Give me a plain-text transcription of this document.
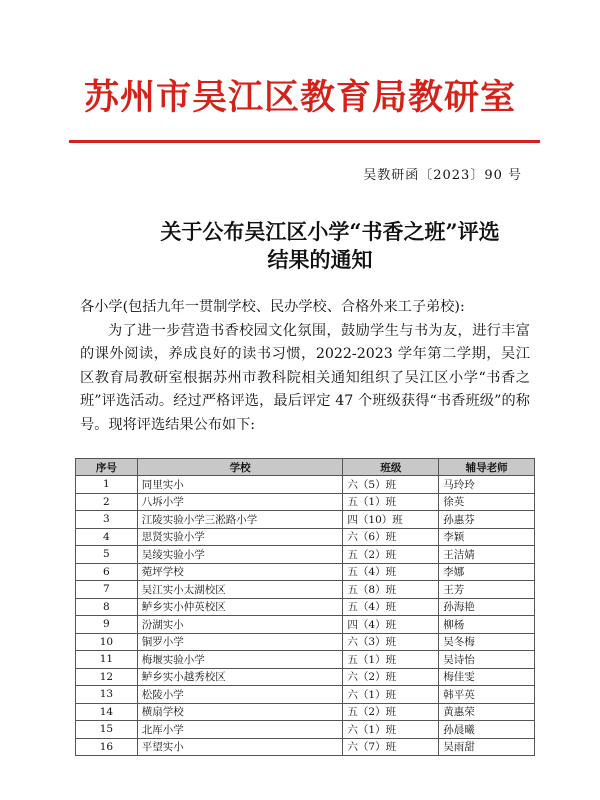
苏州市吴江区教育局教研室
吴教研函〔2023〕90 号
关于公布吴江区小学“书香之班”评选
结果的通知

各小学(包括九年一贯制学校、民办学校、合格外来工子弟校):

为了进一步营造书香校园文化氛围，鼓励学生与书为友，进行丰富的课外阅读，养成良好的读书习惯，2022-2023 学年第二学期，吴江区教育局教研室根据苏州市教科院相关通知组织了吴江区小学“书香之班”评选活动。经过严格评选，最后评定 47 个班级获得“书香班级”的称号。现将评选结果公布如下:

序号	学校	班级	辅导老师
1	同里实小	六（5）班	马玲玲
2	八坼小学	五（1）班	徐英
3	江陵实验小学三淞路小学	四（10）班	孙惠芬
4	思贤实验小学	六（6）班	李颖
5	吴绫实验小学	五（2）班	王洁婧
6	菀坪学校	五（4）班	李娜
7	吴江实小太湖校区	五（8）班	王芳
8	鲈乡实小仲英校区	五（4）班	孙海艳
9	汾湖实小	四（4）班	柳杨
10	铜罗小学	六（3）班	吴冬梅
11	梅堰实验小学	五（1）班	吴诗怡
12	鲈乡实小越秀校区	六（2）班	梅佳雯
13	松陵小学	六（1）班	韩平英
14	横扇学校	五（2）班	黄惠荣
15	北厍小学	六（1）班	孙晨曦
16	平望实小	六（7）班	吴雨甜
